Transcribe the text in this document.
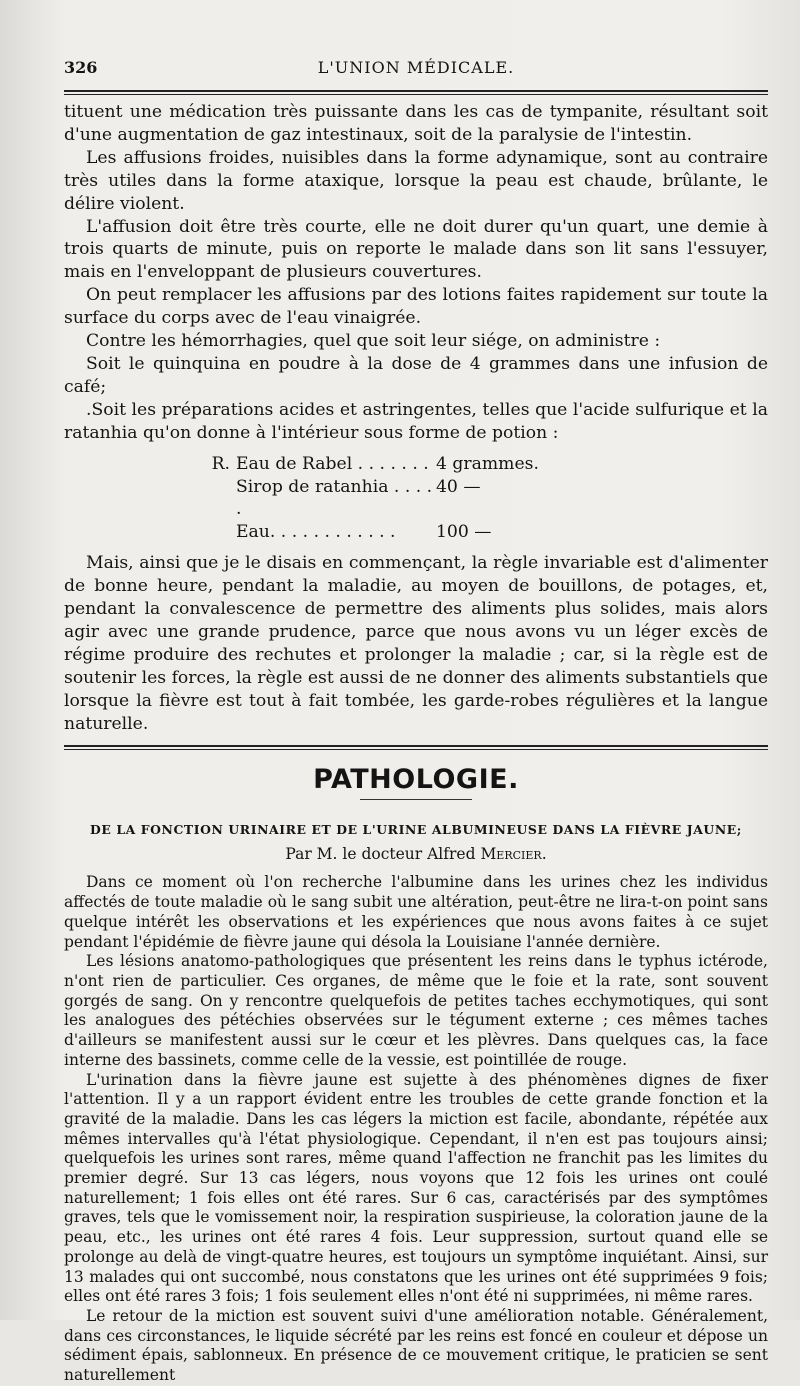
326	L'UNION MÉDICALE.

tituent une médication très puissante dans les cas de tympanite, résultant soit d'une augmentation de gaz intestinaux, soit de la paralysie de l'intestin.

Les affusions froides, nuisibles dans la forme adynamique, sont au contraire très utiles dans la forme ataxique, lorsque la peau est chaude, brûlante, le délire violent.

L'affusion doit être très courte, elle ne doit durer qu'un quart, une demie à trois quarts de minute, puis on reporte le malade dans son lit sans l'essuyer, mais en l'enveloppant de plusieurs couvertures.

On peut remplacer les affusions par des lotions faites rapidement sur toute la surface du corps avec de l'eau vinaigrée.

Contre les hémorrhagies, quel que soit leur siége, on administre :

Soit le quinquina en poudre à la dose de 4 grammes dans une infusion de café;

.Soit les préparations acides et astringentes, telles que l'acide sulfurique et la ratanhia qu'on donne à l'intérieur sous forme de potion :

R. Eau de Rabel . . . . . . . 4 grammes.
Sirop de ratanhia . . . . .
40 —
Eau. . . . . . . . . . . .	100 —

Mais, ainsi que je le disais en commençant, la règle invariable est d'alimenter de bonne heure, pendant la maladie, au moyen de bouillons, de potages, et, pendant la convalescence de permettre des aliments plus solides, mais alors agir avec une grande prudence, parce que nous avons vu un léger excès de régime produire des rechutes et prolonger la maladie ; car, si la règle est de soutenir les forces, la règle est aussi de ne donner des aliments substantiels que lorsque la fièvre est tout à fait tombée, les garde-robes régulières et la langue naturelle.

PATHOLOGIE.
DE LA FONCTION URINAIRE ET DE L'URINE ALBUMINEUSE DANS LA FIÈVRE JAUNE;
Par M. le docteur Alfred Mercier.

Dans ce moment où l'on recherche l'albumine dans les urines chez les individus affectés de toute maladie où le sang subit une altération, peut-être ne lira-t-on point sans quelque intérêt les observations et les expériences que nous avons faites à ce sujet pendant l'épidémie de fièvre jaune qui désola la Louisiane l'année dernière.

Les lésions anatomo-pathologiques que présentent les reins dans le typhus ictérode, n'ont rien de particulier. Ces organes, de même que le foie et la rate, sont souvent gorgés de sang. On y rencontre quelquefois de petites taches ecchymotiques, qui sont les analogues des pétéchies observées sur le tégument externe ; ces mêmes taches d'ailleurs se manifestent aussi sur le cœur et les plèvres. Dans quelques cas, la face interne des bassinets, comme celle de la vessie, est pointillée de rouge.

L'urination dans la fièvre jaune est sujette à des phénomènes dignes de fixer l'attention. Il y a un rapport évident entre les troubles de cette grande fonction et la gravité de la maladie. Dans les cas légers la miction est facile, abondante, répétée aux mêmes intervalles qu'à l'état physiologique. Cependant, il n'en est pas toujours ainsi; quelquefois les urines sont rares, même quand l'affection ne franchit pas les limites du premier degré. Sur 13 cas légers, nous voyons que 12 fois les urines ont coulé naturellement; 1 fois elles ont été rares. Sur 6 cas, caractérisés par des symptômes graves, tels que le vomissement noir, la respiration suspirieuse, la coloration jaune de la peau, etc., les urines ont été rares 4 fois. Leur suppression, surtout quand elle se prolonge au delà de vingt-quatre heures, est toujours un symptôme inquiétant. Ainsi, sur 13 malades qui ont succombé, nous constatons que les urines ont été supprimées 9 fois; elles ont été rares 3 fois; 1 fois seulement elles n'ont été ni supprimées, ni même rares.

Le retour de la miction est souvent suivi d'une amélioration notable. Généralement, dans ces circonstances, le liquide sécrété par les reins est foncé en couleur et dépose un sédiment épais, sablonneux. En présence de ce mouvement critique, le praticien se sent naturellement
